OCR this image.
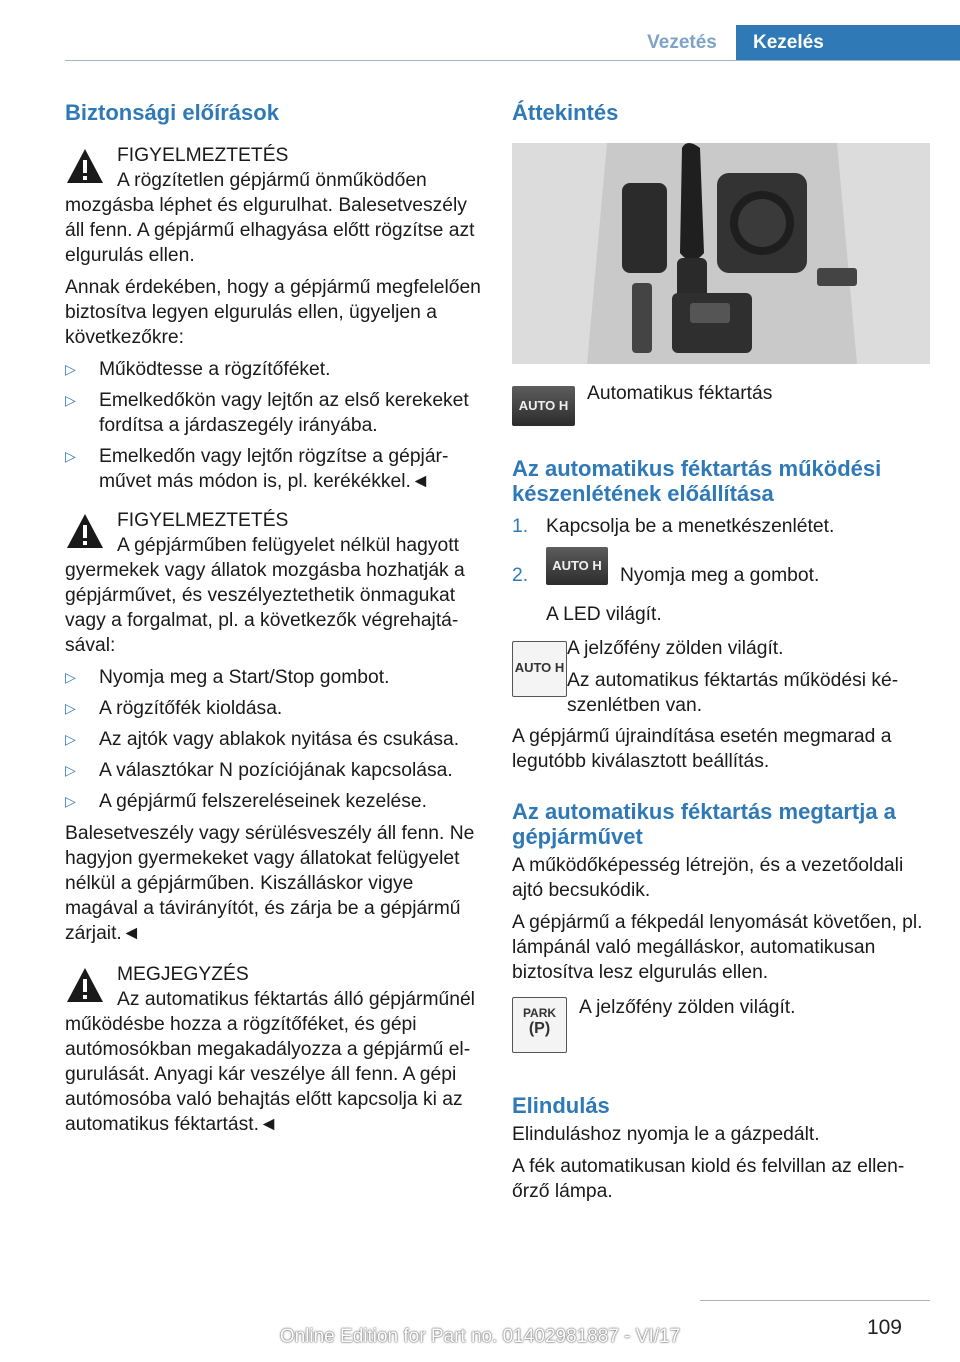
Vezetés	Kezelés
Biztonsági előírások

FIGYELMEZTETÉS

A rögzítetlen gépjármű önműködően mozgásba léphet és elgurulhat. Balesetveszély áll fenn. A gépjármű elhagyása előtt rögzítse azt elgurulás ellen.

Annak érdekében, hogy a gépjármű megfelelően biztosítva legyen elgurulás ellen, ügyeljen a következőkre:

▷ Működtesse a rögzítőféket.
▷ Emelkedőkön vagy lejtőn az első kerekeket fordítsa a járdaszegély irányába.
▷ Emelkedőn vagy lejtőn rögzítse a gépjárművet más módon is, pl. kerékékkel.◄

FIGYELMEZTETÉS

A gépjárműben felügyelet nélkül hagyott gyermekek vagy állatok mozgásba hozhatják a gépjárművet, és veszélyeztethetik önmagukat vagy a forgalmat, pl. a következők végrehajtásával:

▷ Nyomja meg a Start/Stop gombot.
▷ A rögzítőfék kioldása.
▷ Az ajtók vagy ablakok nyitása és csukása.
▷ A választókar N pozíciójának kapcsolása.
▷ A gépjármű felszereléseinek kezelése.

Balesetveszély vagy sérülésveszély áll fenn. Ne hagyjon gyermekeket vagy állatokat felügyelet nélkül a gépjárműben. Kiszálláskor vigye magával a távirányítót, és zárja be a gépjármű zárjait.◄

MEGJEGYZÉS

Az automatikus féktartás álló gépjárműnél működésbe hozza a rögzítőféket, és gépi autómosókban megakadályozza a gépjármű elgurulását. Anyagi kár veszélye áll fenn. A gépi autómosóba való behajtás előtt kapcsolja ki az automatikus féktartást.◄

Áttekintés
AUTO H

Automatikus féktartás

Az automatikus féktartás működési készenlétének előállítása
1. Kapcsolja be a menetkészenlétet.
2.	AUTO H Nyomja meg a gombot.

A LED világít.

AUTO H

A jelzőfény zölden világít.

Az automatikus féktartás működési készenlétben van.

A gépjármű újraindítása esetén megmarad a legutóbb kiválasztott beállítás.

Az automatikus féktartás megtartja a gépjárművet

A működőképesség létrejön, és a vezetőoldali ajtó becsukódik.

A gépjármű a fékpedál lenyomását követően, pl. lámpánál való megálláskor, automatikusan biztosítva lesz elgurulás ellen.

PARK
(P)

A jelzőfény zölden világít.

Elindulás

Elinduláshoz nyomja le a gázpedált.

A fék automatikusan kiold és felvillan az ellenőrző lámpa.

109
Online Edition for Part no. 01402981887 - VI/17
